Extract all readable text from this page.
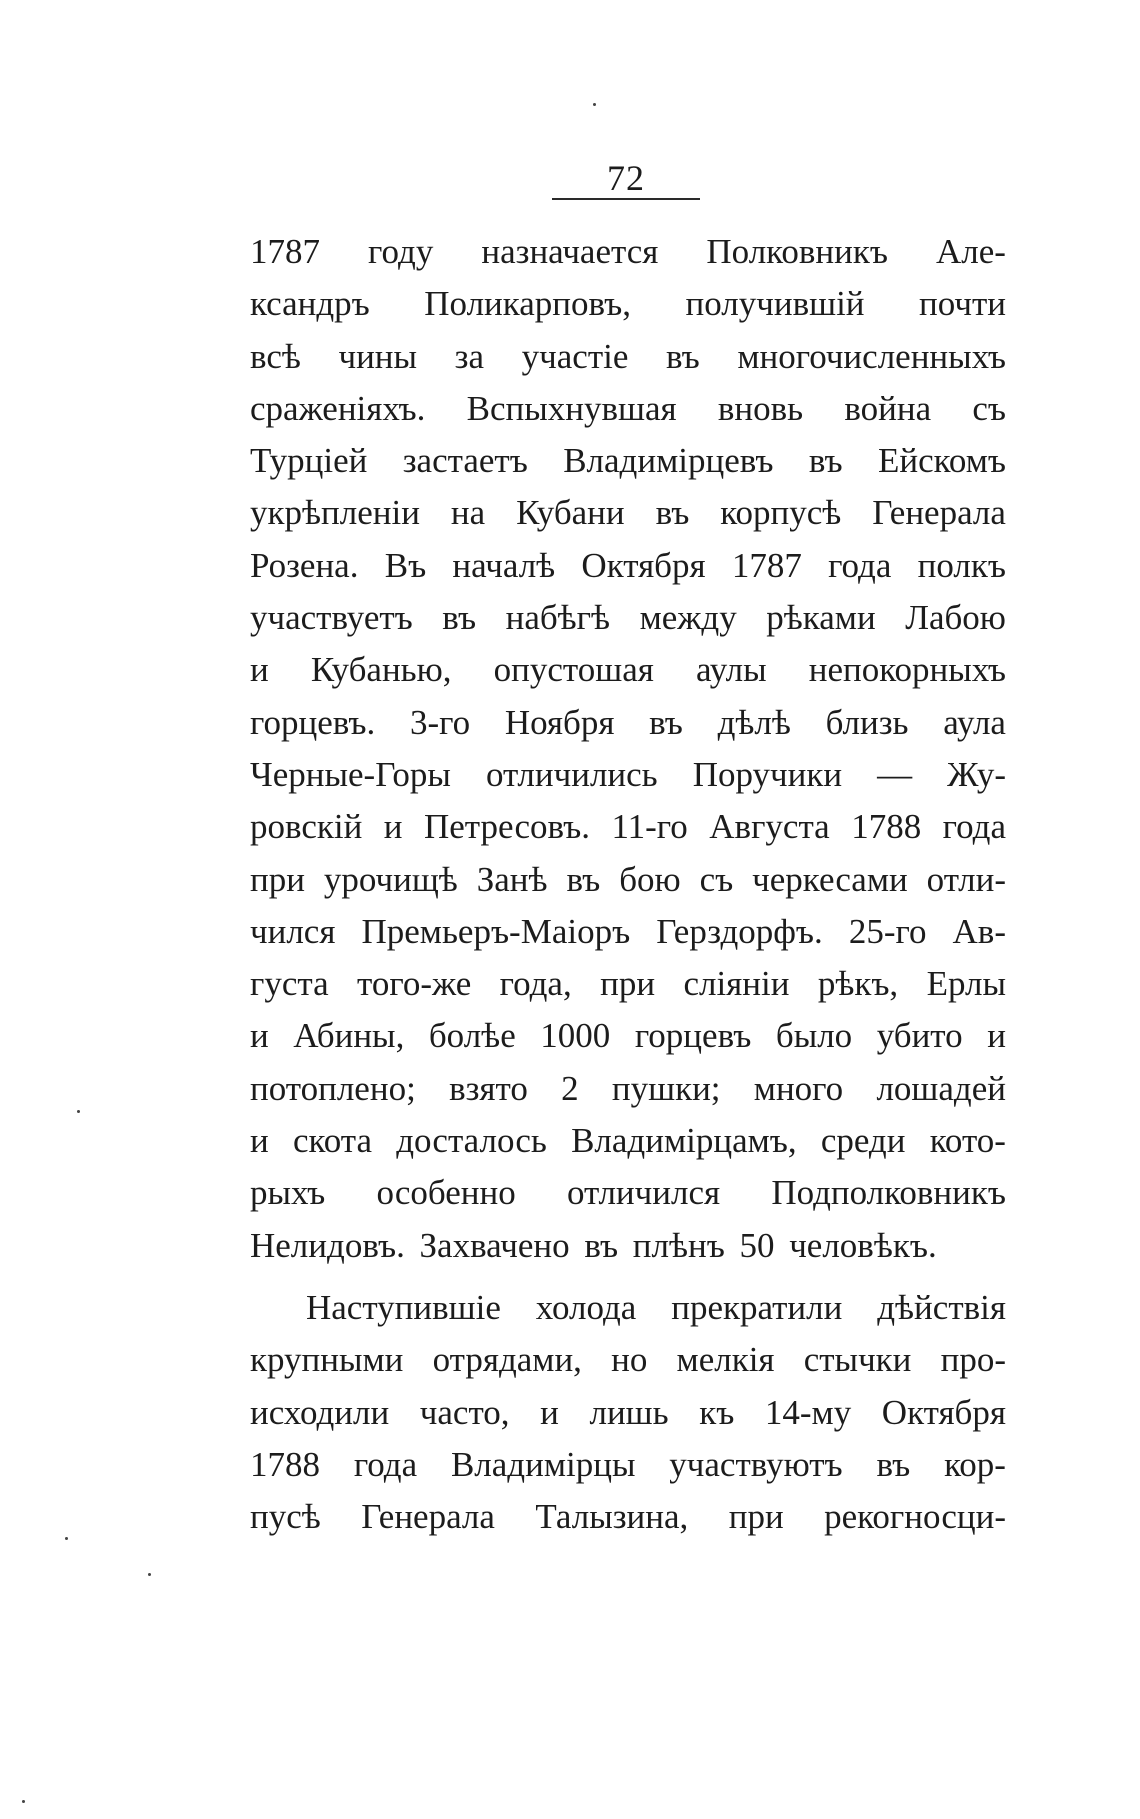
72
1787 году назначается Полковникъ Але-
ксандръ Поликарповъ, получившій почти
всѣ чины за участіе въ многочисленныхъ
сраженіяхъ. Вспыхнувшая вновь война съ
Турціей застаетъ Владимірцевъ въ Ейскомъ
укрѣпленіи на Кубани въ корпусѣ Генерала
Розена. Въ началѣ Октября 1787 года полкъ
участвуетъ въ набѣгѣ между рѣками Лабою
и Кубанью, опустошая аулы непокорныхъ
горцевъ. 3-го Ноября въ дѣлѣ близь аула
Черные-Горы отличились Поручики — Жу-
ровскій и Петресовъ. 11-го Августа 1788 года
при урочищѣ Занѣ въ бою съ черкесами отли-
чился Премьеръ-Маіоръ Герздорфъ. 25-го Ав-
густа того-же года, при сліяніи рѣкъ, Ерлы
и Абины, болѣе 1000 горцевъ было убито и
потоплено; взято 2 пушки; много лошадей
и скота досталось Владимірцамъ, среди кото-
рыхъ особенно отличился Подполковникъ
Нелидовъ. Захвачено въ плѣнъ 50 человѣкъ.
Наступившіе холода прекратили дѣйствія
крупными отрядами, но мелкія стычки про-
исходили часто, и лишь къ 14-му Октября
1788 года Владимірцы участвуютъ въ кор-
пусѣ Генерала Талызина, при рекогносци-
